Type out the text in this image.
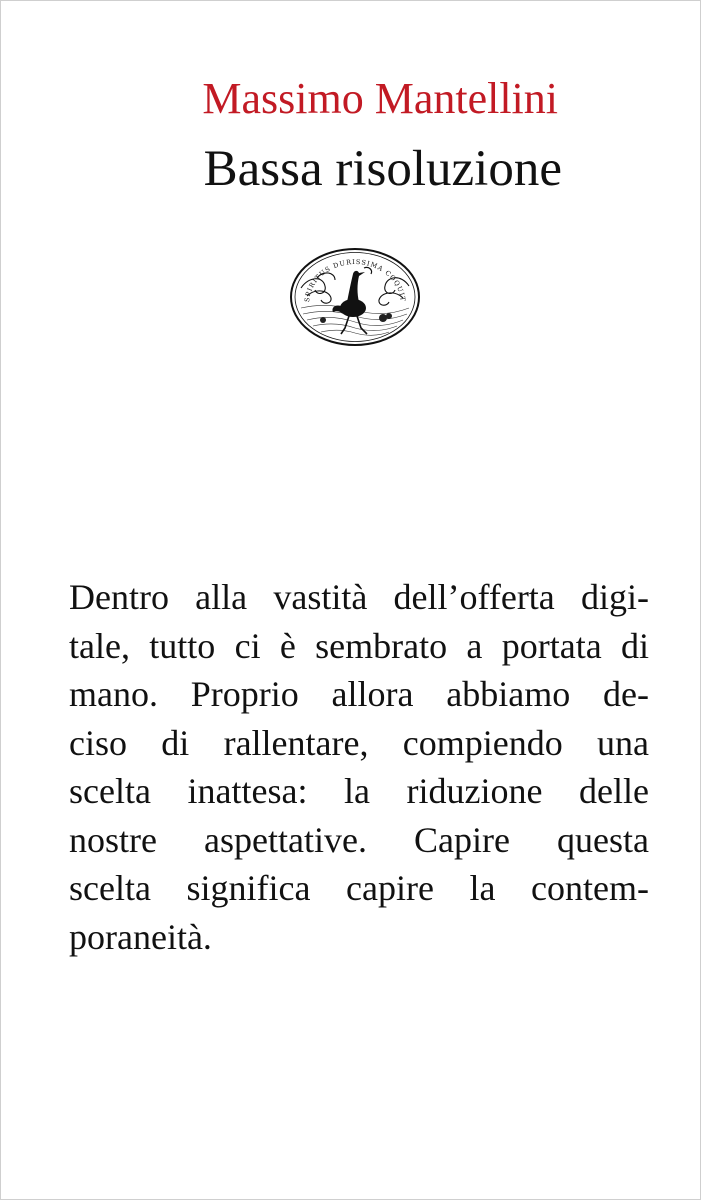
Massimo Mantellini
Bassa risoluzione
SPIRITUS DURISSIMA COQUIT
Dentro alla vastità dell’offerta digi-
tale, tutto ci è sembrato a portata di
mano. Proprio allora abbiamo de-
ciso di rallentare, compiendo una
scelta inattesa: la riduzione delle
nostre aspettative. Capire questa
scelta significa capire la contem-
poraneità.
